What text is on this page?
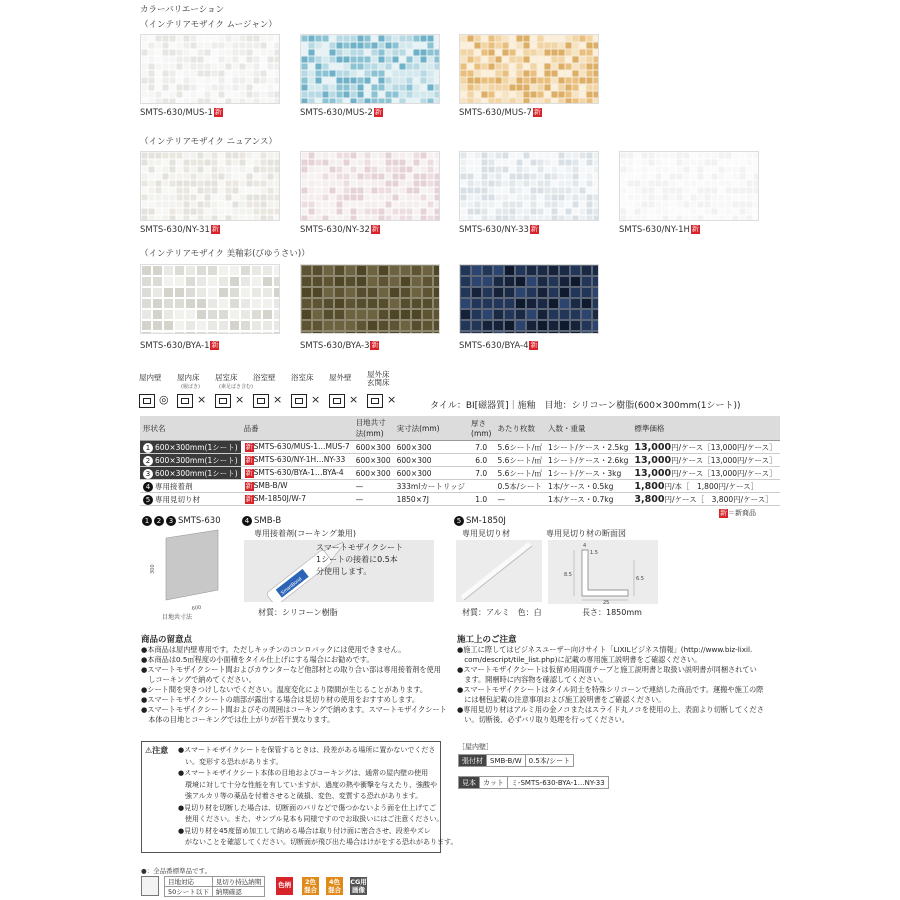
カラーバリエーション
（インテリアモザイク ムージャン）
SMTS-630/MUS-1 新	SMTS-630/MUS-2 新	SMTS-630/MUS-7 新
（インテリアモザイク ニュアンス）
SMTS-630/NY-31 新	SMTS-630/NY-32 新	SMTS-630/NY-33 新	SMTS-630/NY-1H 新
（インテリアモザイク 美釉彩(びゆうさい)）
SMTS-630/BYA-1 新	SMTS-630/BYA-3 新	SMTS-630/BYA-4 新
屋内壁
◎
屋内床
(履ばき)
×
居室床
(素足ばき含む)
×
浴室壁
×
浴室床
×
屋外壁
×
屋外床
玄関床
×	タイル：BⅠ[磁器質]｜施釉　目地：シリコーン樹脂(600×300mm(1シート))
形状名	品番	目地共寸法(mm)	実寸法(mm)	厚さ(mm)	あたり枚数	入数・重量	標準価格
1 600×300mm(1シート)	新SMTS-630/MUS-1…MUS-7	600×300	600×300	7.0	5.6シート/㎡	1シート/ケース・2.5kg	13,000円/ケース［13,000円/ケース］
2 600×300mm(1シート)	新SMTS-630/NY-1H…NY-33	600×300	600×300	6.0	5.6シート/㎡	1シート/ケース・2.6kg	13,000円/ケース［13,000円/ケース］
3 600×300mm(1シート)	新SMTS-630/BYA-1…BYA-4	600×300	600×300	7.0	5.6シート/㎡	1シート/ケース・3kg	13,000円/ケース［13,000円/ケース］
4 専用接着剤	新SMB-B/W	—	333mlカートリッジ		0.5本/シート	1本/ケース・0.5kg	1,800円/本［　1,800円/ケース］
5 専用見切り材	新SM-1850J/W-7	—	1850×7J	1.0	—	1本/ケース・0.7kg	3,800円/ケース［　3,800円/ケース］
新＝新商品
1 2 3 SMTS-630
300
600
目地共寸法
4 SMB-B
専用接着剤(コーキング兼用)
SmartBond
スマートモザイクシート
1シートの接着に0.5本
分使用します。
材質：シリコーン樹脂
5 SM-1850J
専用見切り材	専用見切り材の断面図
4
1.5
8.5
6.5
25
材質：アルミ　色：白	長さ：1850mm
商品の留意点
●本商品は屋内壁専用です。ただしキッチンのコンロバックには使用できません。
●本商品は0.5㎡程度の小面積をタイル仕上げにする場合にお勧めです。
●スマートモザイクシート間およびカウンターなど他部材との取り合い部は専用接着剤を使用
　しコーキングで納めてください。
●シート間を突きつけしないでください。温度変化により隙間が生じることがあります。
●スマートモザイクシートの端部が露出する場合は見切り材の使用をおすすめします。
●スマートモザイクシート間およびその周囲はコーキングで納めます。スマートモザイクシート
　本体の目地とコーキングでは仕上がりが若干異なります。
施工上のご注意
●施工に際してはビジネスユーザー向けサイト「LIXILビジネス情報」(http://www.biz-lixil.
　com/descript/tile_list.php)に記載の専用施工説明書をご確認ください。
●スマートモザイクシートは仮留め用両面テープと施工説明書と取扱い説明書が同梱されてい
　ます。開梱時に内容物を確認してください。
●スマートモザイクシートはタイル同士を特殊シリコーンで連結した商品です。運搬や施工の際
　には梱包記載の注意事項および施工説明書をご確認ください。
●専用見切り材はアルミ用の金ノコまたはスライド丸ノコを使用の上、表面より切断してくださ
　い。切断後、必ずバリ取り処理を行ってください。
⚠注意 ●スマートモザイクシートを保管するときは、段差がある場所に置かないでくださ
　い。変形する恐れがあります。
●スマートモザイクシート本体の目地およびコーキングは、通常の屋内壁の使用
　環境に対して十分な性能を有していますが、過度の熱や衝撃を与えたり、強酸や
　強アルカリ等の薬品を付着させると破損、変色、変質する恐れがあります。
●見切り材を切断した場合は、切断面のバリなどで傷つかないよう面を仕上げてご
　使用ください。また、サンプル見本も同様ですのでお取扱いにはご注意ください。
●見切り材を45度留め加工して納める場合は取り付け面に密合させ、段差やズレ
　がないことを確認してください。切断面が飛び出た場合はけがをする恐れがあります。
［屋内壁］
張付材	SMB-B/W	0.5本/シート
見本	カット	ミ-SMTS-630-BYA-1…NY-33
●：全品番標準品です。
目地対応	見切り持込納期
50シート以下	納期確認
色柄	2色
混合
4色
混合
CG用
画像
